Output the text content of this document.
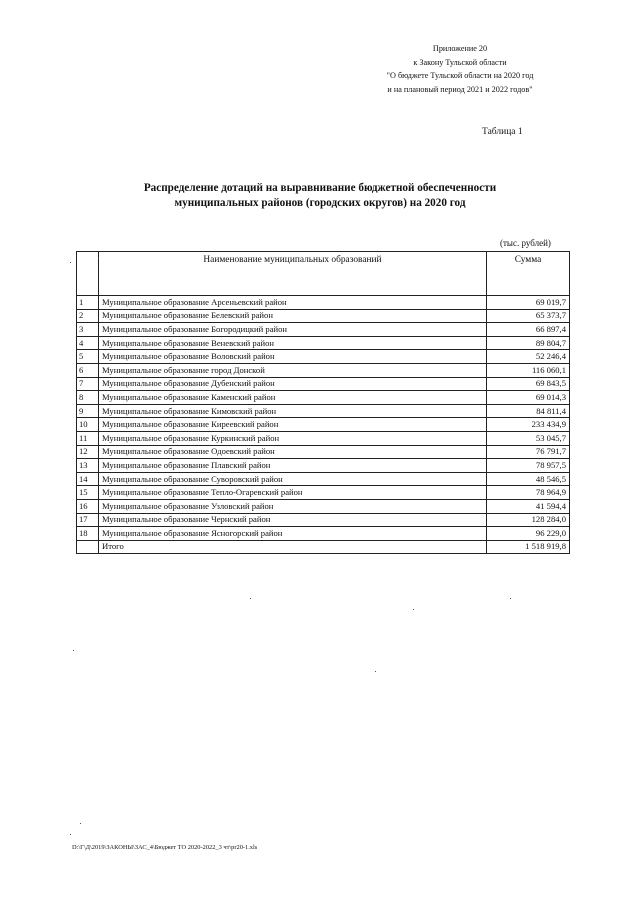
Приложение 20
к Закону Тульской области
"О бюджете Тульской области на 2020 год
и на плановый период 2021 и 2022 годов"
Таблица 1
Распределение дотаций на выравнивание бюджетной обеспеченности
муниципальных районов (городских округов) на 2020 год
(тыс. рублей)
	Наименование муниципальных образований	Сумма
1	Муниципальное образование Арсеньевский район	69 019,7
2	Муниципальное образование Белевский район	65 373,7
3	Муниципальное образование Богородицкий район	66 897,4
4	Муниципальное образование Веневский район	89 804,7
5	Муниципальное образование Воловский район	52 246,4
6	Муниципальное образование город Донской	116 060,1
7	Муниципальное образование Дубенский район	69 843,5
8	Муниципальное образование Каменский район	69 014,3
9	Муниципальное образование Кимовский район	84 811,4
10	Муниципальное образование Киреевский район	233 434,9
11	Муниципальное образование Куркинский район	53 045,7
12	Муниципальное образование Одоевский район	76 791,7
13	Муниципальное образование Плавский район	78 957,5
14	Муниципальное образование Суворовский район	48 546,5
15	Муниципальное образование Тепло-Огаревский район	78 964,9
16	Муниципальное образование Узловский район	41 594,4
17	Муниципальное образование Чернский район	128 284,0
18	Муниципальное образование Ясногорский район	96 229,0
	Итого	1 518 919,8
D:\Г\Д\2019\ЗАКОНЫ\ЗАС_4\Бюджет ТО 2020-2022_3 чт\pr20-1.xls
